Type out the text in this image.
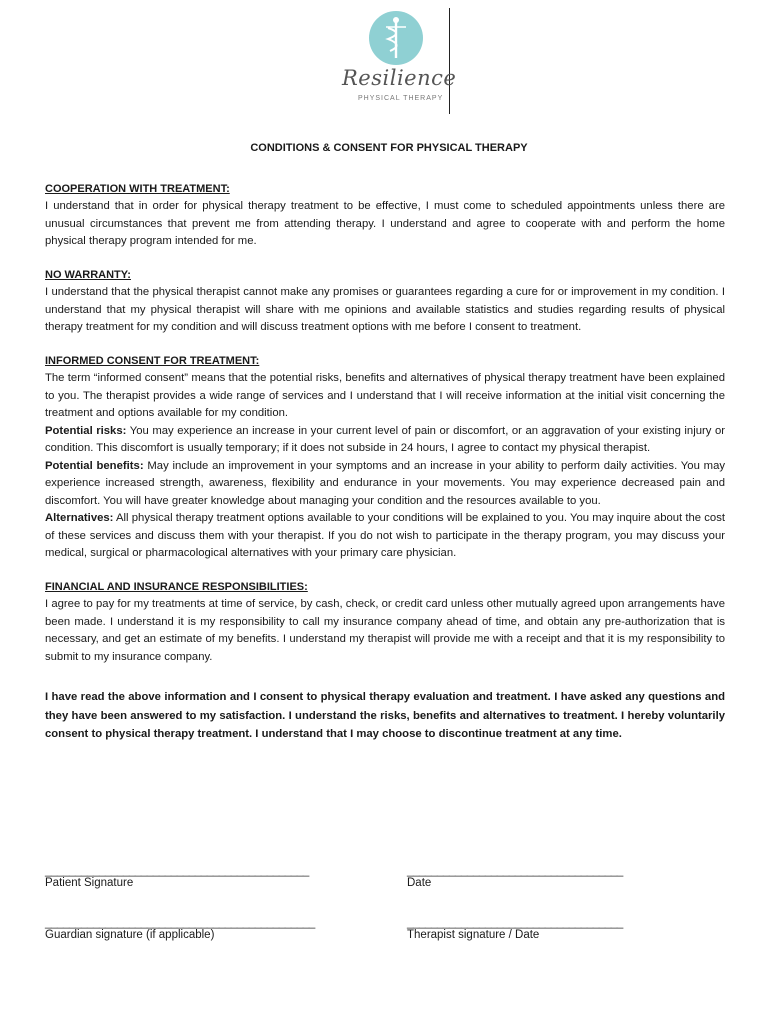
Resilience
PHYSICAL THERAPY
CONDITIONS & CONSENT FOR PHYSICAL THERAPY
COOPERATION WITH TREATMENT:

I understand that in order for physical therapy treatment to be effective, I must come to scheduled appointments unless there are unusual circumstances that prevent me from attending therapy. I understand and agree to cooperate with and perform the home physical therapy program intended for me.

NO WARRANTY:

I understand that the physical therapist cannot make any promises or guarantees regarding a cure for or improvement in my condition. I understand that my physical therapist will share with me opinions and available statistics and studies regarding results of physical therapy treatment for my condition and will discuss treatment options with me before I consent to treatment.

INFORMED CONSENT FOR TREATMENT:

The term “informed consent” means that the potential risks, benefits and alternatives of physical therapy treatment have been explained to you. The therapist provides a wide range of services and I understand that I will receive information at the initial visit concerning the treatment and options available for my condition.

Potential risks: You may experience an increase in your current level of pain or discomfort, or an aggravation of your existing injury or condition. This discomfort is usually temporary; if it does not subside in 24 hours, I agree to contact my physical therapist.

Potential benefits: May include an improvement in your symptoms and an increase in your ability to perform daily activities. You may experience increased strength, awareness, flexibility and endurance in your movements. You may experience decreased pain and discomfort. You will have greater knowledge about managing your condition and the resources available to you.

Alternatives: All physical therapy treatment options available to your conditions will be explained to you. You may inquire about the cost of these services and discuss them with your therapist. If you do not wish to participate in the therapy program, you may discuss your medical, surgical or pharmacological alternatives with your primary care physician.

FINANCIAL AND INSURANCE RESPONSIBILITIES:

I agree to pay for my treatments at time of service, by cash, check, or credit card unless other mutually agreed upon arrangements have been made. I understand it is my responsibility to call my insurance company ahead of time, and obtain any pre-authorization that is necessary, and get an estimate of my benefits. I understand my therapist will provide me with a receipt and that it is my responsibility to submit to my insurance company.

I have read the above information and I consent to physical therapy evaluation and treatment. I have asked any questions and they have been answered to my satisfaction. I understand the risks, benefits and alternatives to treatment. I hereby voluntarily consent to physical therapy treatment. I understand that I may choose to discontinue treatment at any time.

____________________________________________
Patient Signature
____________________________________
Date
_____________________________________________
Guardian signature (if applicable)
____________________________________
Therapist signature / Date
